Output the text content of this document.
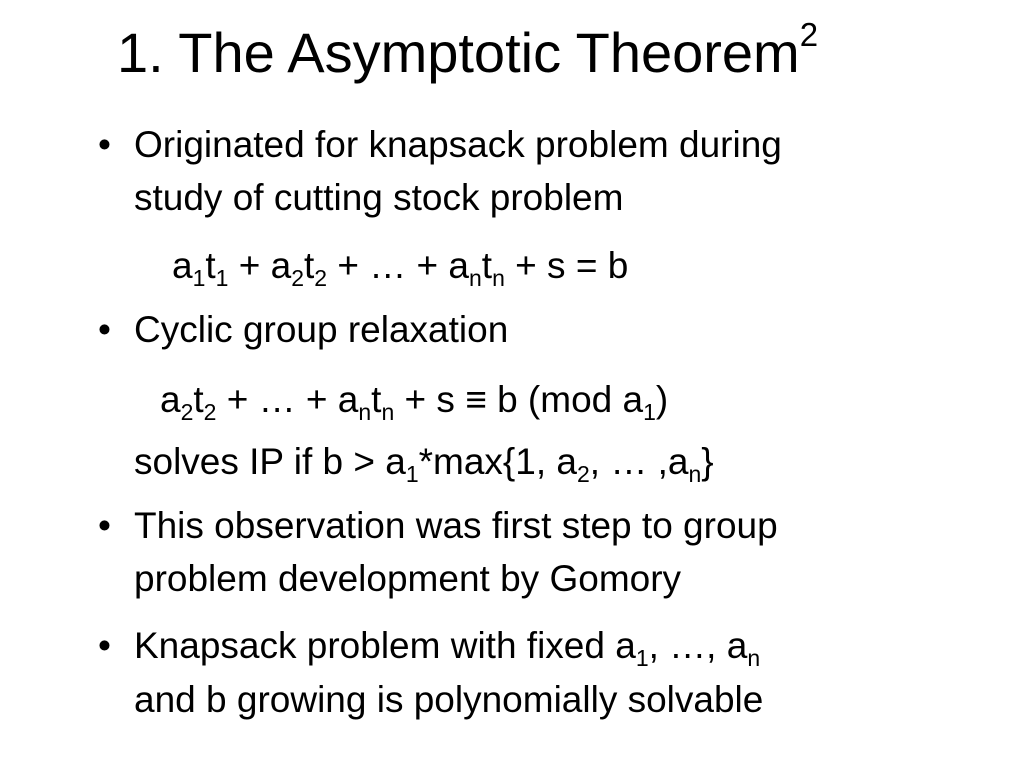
1. The Asymptotic Theorem$^2$
• Originated for knapsack problem during
study of cutting stock problem
$a_1t_1 + a_2t_2$ + … + $a_nt_n + s = b$
• Cyclic group relaxation
$a_2t_2$ + … + $a_nt_n + s \equiv b$ (mod $a_1$)
solves IP if $b > a_1*\max\{1$, $a_2$, … $,a_n$}
• This observation was first step to group
problem development by Gomory
• Knapsack problem with fixed $a_1$, …, $a_n$
and b growing is polynomially solvable
